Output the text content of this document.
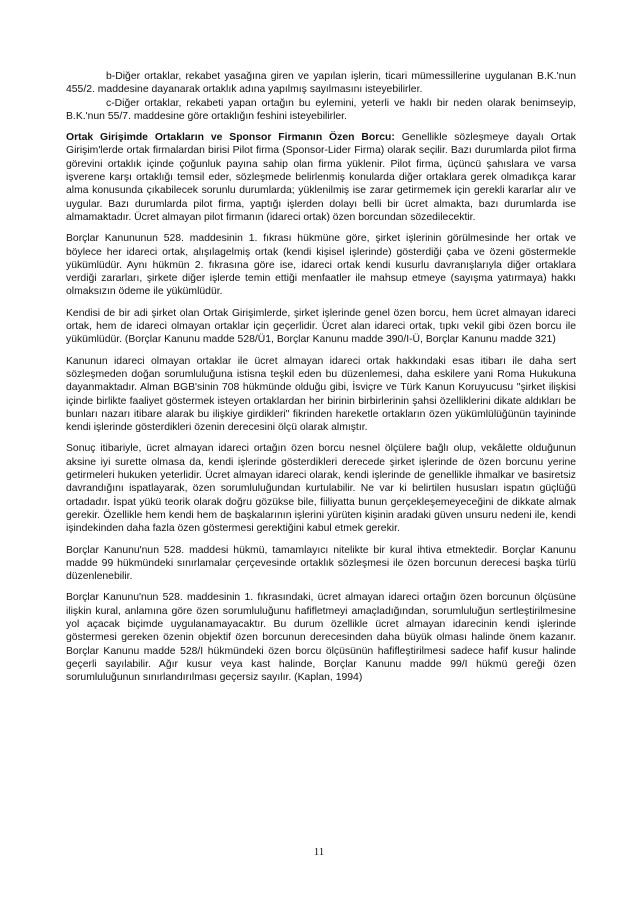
b-Diğer ortaklar, rekabet yasağına giren ve yapılan işlerin, ticari mümessillerine uygulanan B.K.'nun 455/2. maddesine dayanarak ortaklık adına yapılmış sayılmasını isteyebilirler.

c-Diğer ortaklar, rekabeti yapan ortağın bu eylemini, yeterli ve haklı bir neden olarak benimseyip, B.K.'nun 55/7. maddesine göre ortaklığın feshini isteyebilirler.

Ortak Girişimde Ortakların ve Sponsor Firmanın Özen Borcu: Genellikle sözleşmeye dayalı Ortak Girişim'lerde ortak firmalardan birisi Pilot firma (Sponsor-Lider Firma) olarak seçilir. Bazı durumlarda pilot firma görevini ortaklık içinde çoğunluk payına sahip olan firma yüklenir. Pilot firma, üçüncü şahıslara ve varsa işverene karşı ortaklığı temsil eder, sözleşmede belirlenmiş konularda diğer ortaklara gerek olmadıkça karar alma konusunda çıkabilecek sorunlu durumlarda; yüklenilmiş ise zarar getirmemek için gerekli kararlar alır ve uygular. Bazı durumlarda pilot firma, yaptığı işlerden dolayı belli bir ücret almakta, bazı durumlarda ise almamaktadır. Ücret almayan pilot firmanın (idareci ortak) özen borcundan sözedilecektir.

Borçlar Kanununun 528. maddesinin 1. fıkrası hükmüne göre, şirket işlerinin görülmesinde her ortak ve böylece her idareci ortak, alışılagelmiş ortak (kendi kişisel işlerinde) gösterdiği çaba ve özeni göstermekle yükümlüdür. Aynı hükmün 2. fıkrasına göre ise, idareci ortak kendi kusurlu davranışlarıyla diğer ortaklara verdiği zararları, şirkete diğer işlerde temin ettiği menfaatler ile mahsup etmeye (sayışma yatırmaya) hakkı olmaksızın ödeme ile yükümlüdür.

Kendisi de bir adi şirket olan Ortak Girişimlerde, şirket işlerinde genel özen borcu, hem ücret almayan idareci ortak, hem de idareci olmayan ortaklar için geçerlidir. Ücret alan idareci ortak, tıpkı vekil gibi özen borcu ile yükümlüdür. (Borçlar Kanunu madde 528/Ü1, Borçlar Kanunu madde 390/I-Ü, Borçlar Kanunu madde 321)

Kanunun idareci olmayan ortaklar ile ücret almayan idareci ortak hakkındaki esas itibarı ile daha sert sözleşmeden doğan sorumluluğuna istisna teşkil eden bu düzenlemesi, daha eskilere yani Roma Hukukuna dayanmaktadır. Alman BGB'sinin 708 hükmünde olduğu gibi, İsviçre ve Türk Kanun Koruyucusu "şirket ilişkisi içinde birlikte faaliyet göstermek isteyen ortaklardan her birinin birbirlerinin şahsi özelliklerini dikate aldıkları be bunları nazarı itibare alarak bu ilişkiye girdikleri" fikrinden hareketle ortakların özen yükümlülüğünün tayininde kendi işlerinde gösterdikleri özenin derecesini ölçü olarak almıştır.

Sonuç itibariyle, ücret almayan idareci ortağın özen borcu nesnel ölçülere bağlı olup, vekâlette olduğunun aksine iyi surette olmasa da, kendi işlerinde gösterdikleri derecede şirket işlerinde de özen borcunu yerine getirmeleri hukuken yeterlidir. Ücret almayan idareci olarak, kendi işlerinde de genellikle ihmalkar ve basiretsiz davrandığını ispatlayarak, özen sorumluluğundan kurtulabilir. Ne var ki belirtilen hususları ispatın güçlüğü ortadadır. İspat yükü teorik olarak doğru gözükse bile, fiiliyatta bunun gerçekleşemeyeceğini de dikkate almak gerekir. Özellikle hem kendi hem de başkalarının işlerini yürüten kişinin aradaki güven unsuru nedeni ile, kendi işindekinden daha fazla özen göstermesi gerektiğini kabul etmek gerekir.

Borçlar Kanunu'nun 528. maddesi hükmü, tamamlayıcı nitelikte bir kural ihtiva etmektedir. Borçlar Kanunu madde 99 hükmündeki sınırlamalar çerçevesinde ortaklık sözleşmesi ile özen borcunun derecesi başka türlü düzenlenebilir.

Borçlar Kanunu'nun 528. maddesinin 1. fıkrasındaki, ücret almayan idareci ortağın özen borcunun ölçüsüne ilişkin kural, anlamına göre özen sorumluluğunu hafifletmeyi amaçladığından, sorumluluğun sertleştirilmesine yol açacak biçimde uygulanamayacaktır. Bu durum özellikle ücret almayan idarecinin kendi işlerinde göstermesi gereken özenin objektif özen borcunun derecesinden daha büyük olması halinde önem kazanır. Borçlar Kanunu madde 528/I hükmündeki özen borcu ölçüsünün hafifleştirilmesi sadece hafif kusur halinde geçerli sayılabilir. Ağır kusur veya kast halinde, Borçlar Kanunu madde 99/I hükmü gereği özen sorumluluğunun sınırlandırılması geçersiz sayılır. (Kaplan, 1994)

11
